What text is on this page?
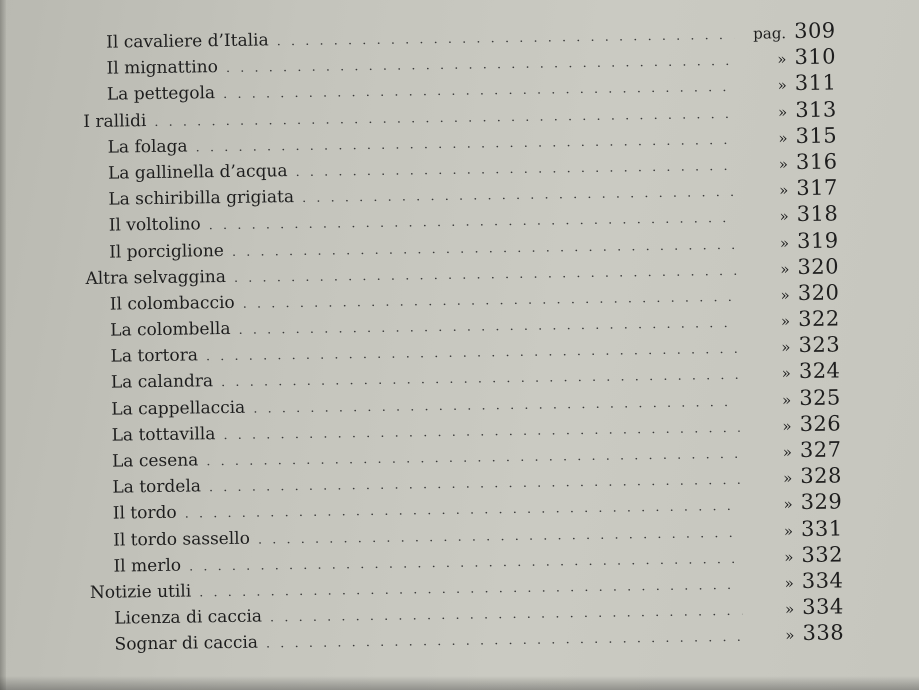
Il cavaliere d’Italia . . .	pag. 309
Il mignattino . . .	» 310
La pettegola . . .	» 311
I rallidi . . .	» 313
La folaga . . .	» 315
La gallinella d’acqua . . .	» 316
La schiribilla grigiata . . .	» 317
Il voltolino . . .	» 318
Il porciglione . . .	» 319
Altra selvaggina . . .	» 320
Il colombaccio . . .	» 320
La colombella . . .	» 322
La tortora . . .	» 323
La calandra . . .	» 324
La cappellaccia . . .	» 325
La tottavilla . . .	» 326
La cesena . . .	» 327
La tordela . . .	» 328
Il tordo . . .	» 329
Il tordo sassello . . .	» 331
Il merlo . . .	» 332
Notizie utili . . .	» 334
Licenza di caccia . . .	» 334
Sognar di caccia . . .	» 338
